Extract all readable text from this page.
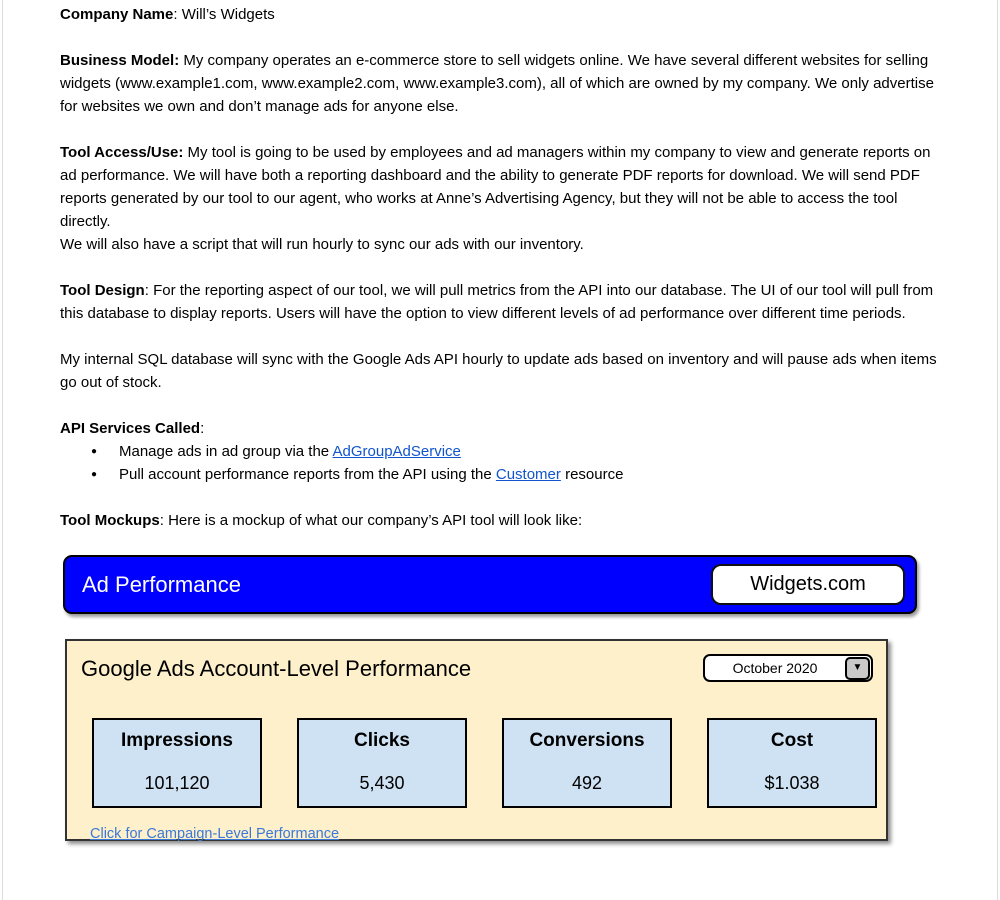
Company Name: Will’s Widgets

Business Model: My company operates an e-commerce store to sell widgets online. We have several different websites for selling widgets (www.example1.com, www.example2.com, www.example3.com), all of which are owned by my company. We only advertise for websites we own and don’t manage ads for anyone else.

Tool Access/Use: My tool is going to be used by employees and ad managers within my company to view and generate reports on ad performance. We will have both a reporting dashboard and the ability to generate PDF reports for download. We will send PDF reports generated by our tool to our agent, who works at Anne’s Advertising Agency, but they will not be able to access the tool directly.
We will also have a script that will run hourly to sync our ads with our inventory.

Tool Design: For the reporting aspect of our tool, we will pull metrics from the API into our database. The UI of our tool will pull from this database to display reports. Users will have the option to view different levels of ad performance over different time periods.

My internal SQL database will sync with the Google Ads API hourly to update ads based on inventory and will pause ads when items go out of stock.

API Services Called:

● Manage ads in ad group via the AdGroupAdService
● Pull account performance reports from the API using the Customer resource

Tool Mockups: Here is a mockup of what our company’s API tool will look like:

Ad Performance	Widgets.com
Google Ads Account-Level Performance	October 2020	▼
Impressions
101,120
Clicks
5,430
Conversions
492
Cost
$1.038
Click for Campaign-Level Performance
